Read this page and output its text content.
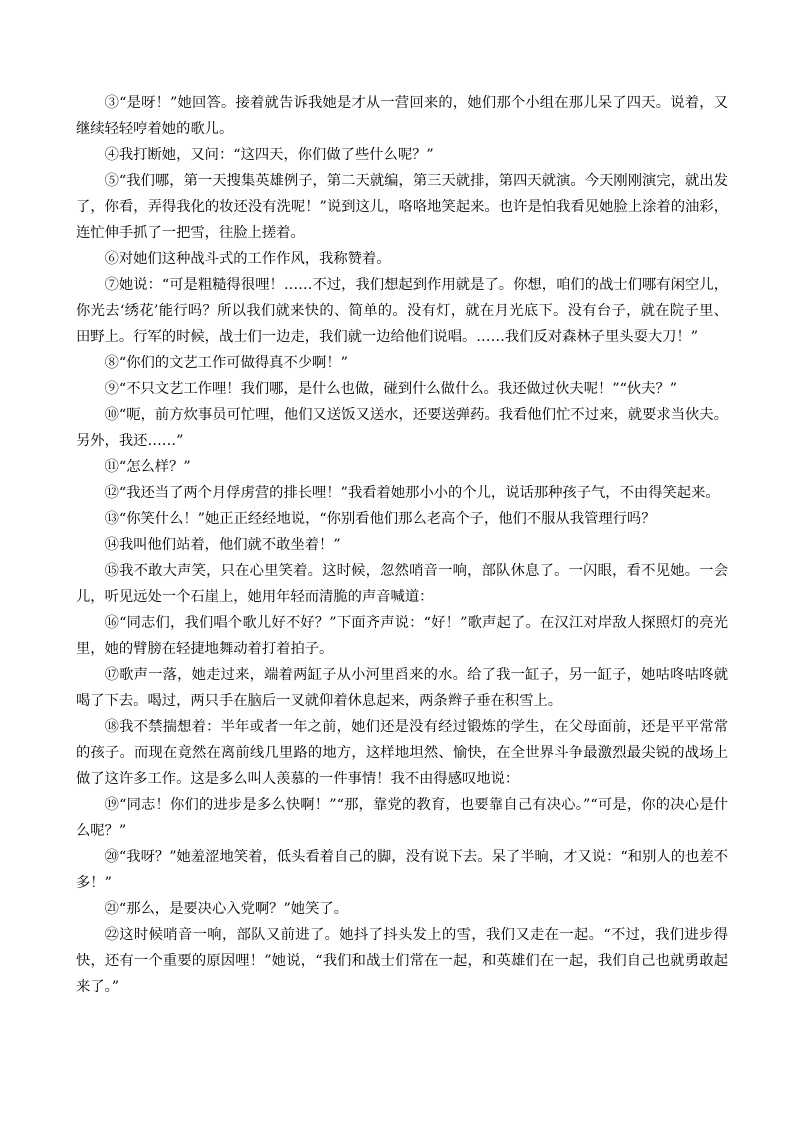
③“是呀！”她回答。接着就告诉我她是才从一营回来的，她们那个小组在那儿呆了四天。说着，又继续轻轻哼着她的歌儿。

④我打断她，又问：“这四天，你们做了些什么呢？”

⑤“我们哪，第一天搜集英雄例子，第二天就编，第三天就排，第四天就演。今天刚刚演完，就出发了，你看，弄得我化的妆还没有洗呢！”说到这儿，咯咯地笑起来。也许是怕我看见她脸上涂着的油彩，连忙伸手抓了一把雪，往脸上搓着。

⑥对她们这种战斗式的工作作风，我称赞着。

⑦她说：“可是粗糙得很哩！……不过，我们想起到作用就是了。你想，咱们的战士们哪有闲空儿，你光去‘绣花’能行吗？所以我们就来快的、简单的。没有灯，就在月光底下。没有台子，就在院子里、田野上。行军的时候，战士们一边走，我们就一边给他们说唱。……我们反对森林子里头耍大刀！”

⑧“你们的文艺工作可做得真不少啊！”

⑨“不只文艺工作哩！我们哪，是什么也做，碰到什么做什么。我还做过伙夫呢！”“伙夫？”

⑩“呃，前方炊事员可忙哩，他们又送饭又送水，还要送弹药。我看他们忙不过来，就要求当伙夫。另外，我还……”

⑪“怎么样？”

⑫“我还当了两个月俘虏营的排长哩！”我看着她那小小的个儿，说话那种孩子气，不由得笑起来。

⑬“你笑什么！”她正正经经地说，“你别看他们那么老高个子，他们不服从我管理行吗？

⑭我叫他们站着，他们就不敢坐着！”

⑮我不敢大声笑，只在心里笑着。这时候，忽然哨音一响，部队休息了。一闪眼，看不见她。一会儿，听见远处一个石崖上，她用年轻而清脆的声音喊道：

⑯“同志们，我们唱个歌儿好不好？”下面齐声说：“好！”歌声起了。在汉江对岸敌人探照灯的亮光里，她的臂膀在轻捷地舞动着打着拍子。

⑰歌声一落，她走过来，端着两缸子从小河里舀来的水。给了我一缸子，另一缸子，她咕咚咕咚就喝了下去。喝过，两只手在脑后一叉就仰着休息起来，两条辫子垂在积雪上。

⑱我不禁揣想着：半年或者一年之前，她们还是没有经过锻炼的学生，在父母面前，还是平平常常的孩子。而现在竟然在离前线几里路的地方，这样地坦然、愉快，在全世界斗争最激烈最尖锐的战场上做了这许多工作。这是多么叫人羡慕的一件事情！我不由得感叹地说：

⑲“同志！你们的进步是多么快啊！”“那，靠党的教育，也要靠自己有决心。”“可是，你的决心是什么呢？”

⑳“我呀？”她羞涩地笑着，低头看着自己的脚，没有说下去。呆了半晌，才又说：“和别人的也差不多！”

㉑“那么，是要决心入党啊？”她笑了。

㉒这时候哨音一响，部队又前进了。她抖了抖头发上的雪，我们又走在一起。“不过，我们进步得快，还有一个重要的原因哩！”她说，“我们和战士们常在一起，和英雄们在一起，我们自己也就勇敢起来了。”
